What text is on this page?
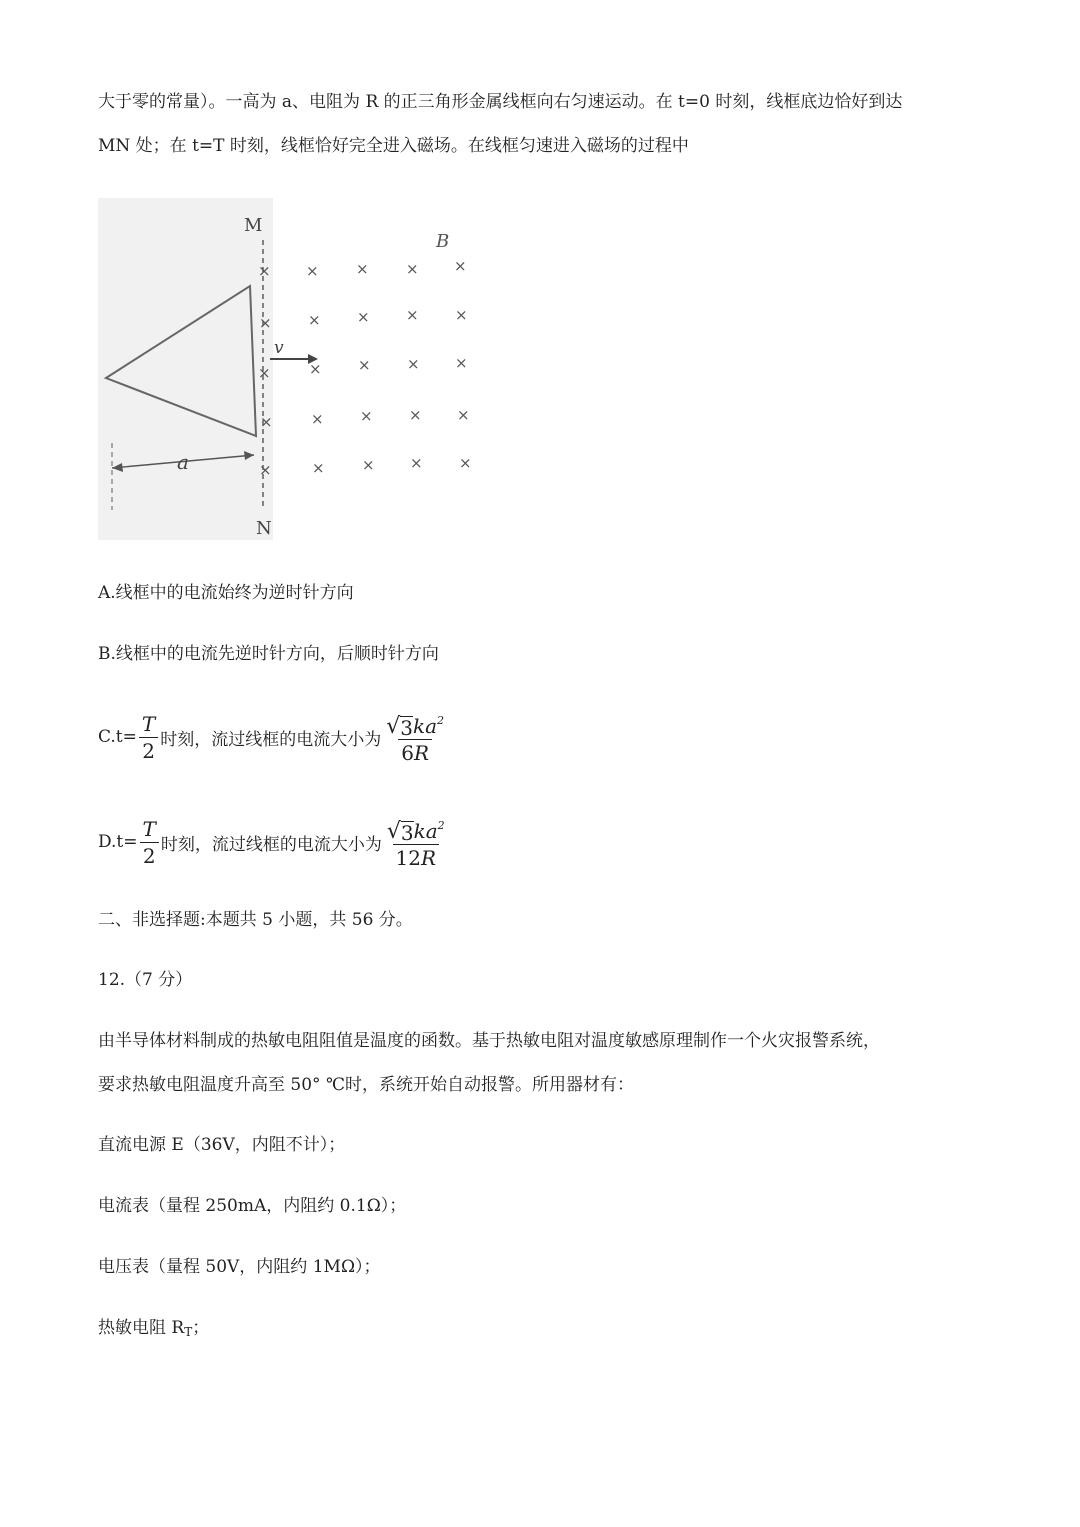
大于零的常量）。一高为 a、电阻为 R 的正三角形金属线框向右匀速运动。在 t=0 时刻，线框底边恰好到达
MN 处；在 t=T 时刻，线框恰好完全进入磁场。在线框匀速进入磁场的过程中
M
N
B
v
a
× × × × ×
× × × × ×
×	× × × ×
×	× × × ×
×	× × × ×
A.线框中的电流始终为逆时针方向
B.线框中的电流先逆时针方向，后顺时针方向
$C.t= \frac{T}{2}$ 时刻，流过线框的电流大小为 $\frac{√ 3 ka^2}{6R}$
$D.t= \frac{T}{2}$ 时刻，流过线框的电流大小为 $\frac{√ 3 ka^2}{12R}$
二、非选择题:本题共 5 小题，共 56 分。
12.（7 分）
由半导体材料制成的热敏电阻阻值是温度的函数。基于热敏电阻对温度敏感原理制作一个火灾报警系统，
要求热敏电阻温度升高至 50° ℃时，系统开始自动报警。所用器材有：
直流电源 E（36V，内阻不计）；
电流表（量程 250mA，内阻约 0.1Ω）；
电压表（量程 50V，内阻约 1MΩ）；
热敏电阻 $R_T$；
